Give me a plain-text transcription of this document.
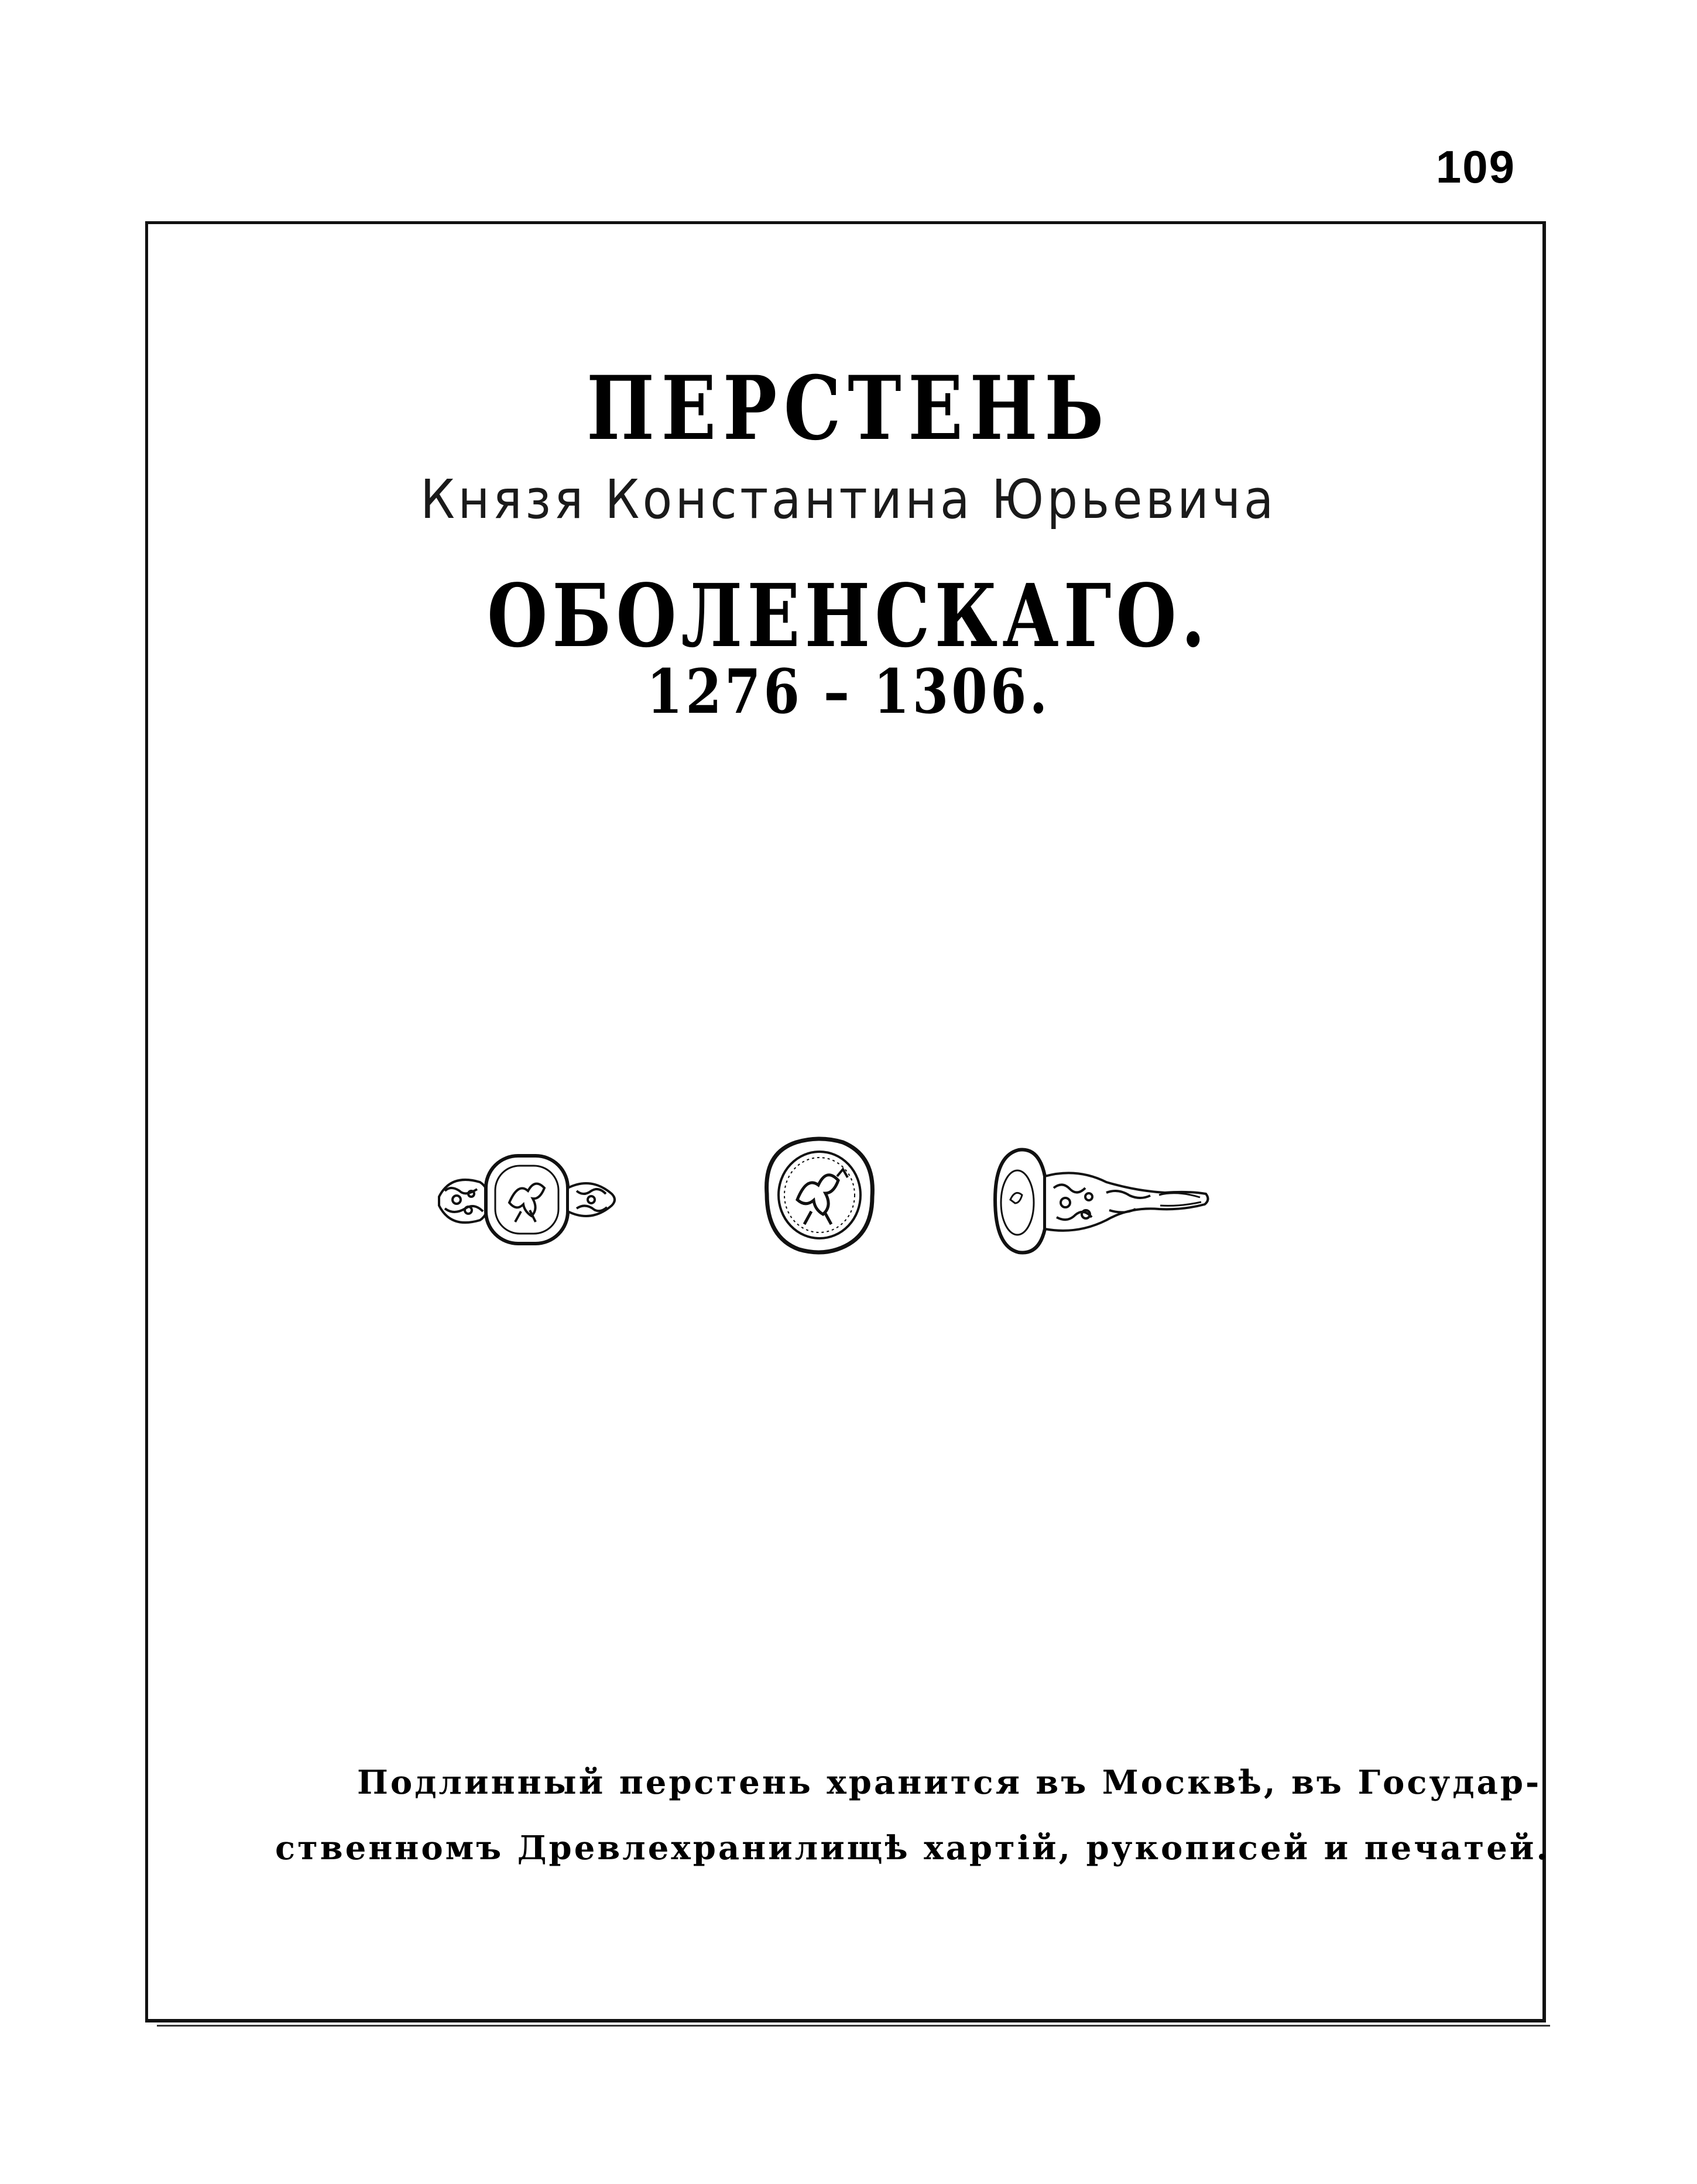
109
ПЕРСТЕНЬ
Князя Константина Юрьевича
ОБОЛЕНСКАГО.
1276 – 1306.
Подлинный перстень хранится въ Москвѣ, въ Государ-
ственномъ Древлехранилищѣ хартій, рукописей и печатей.
